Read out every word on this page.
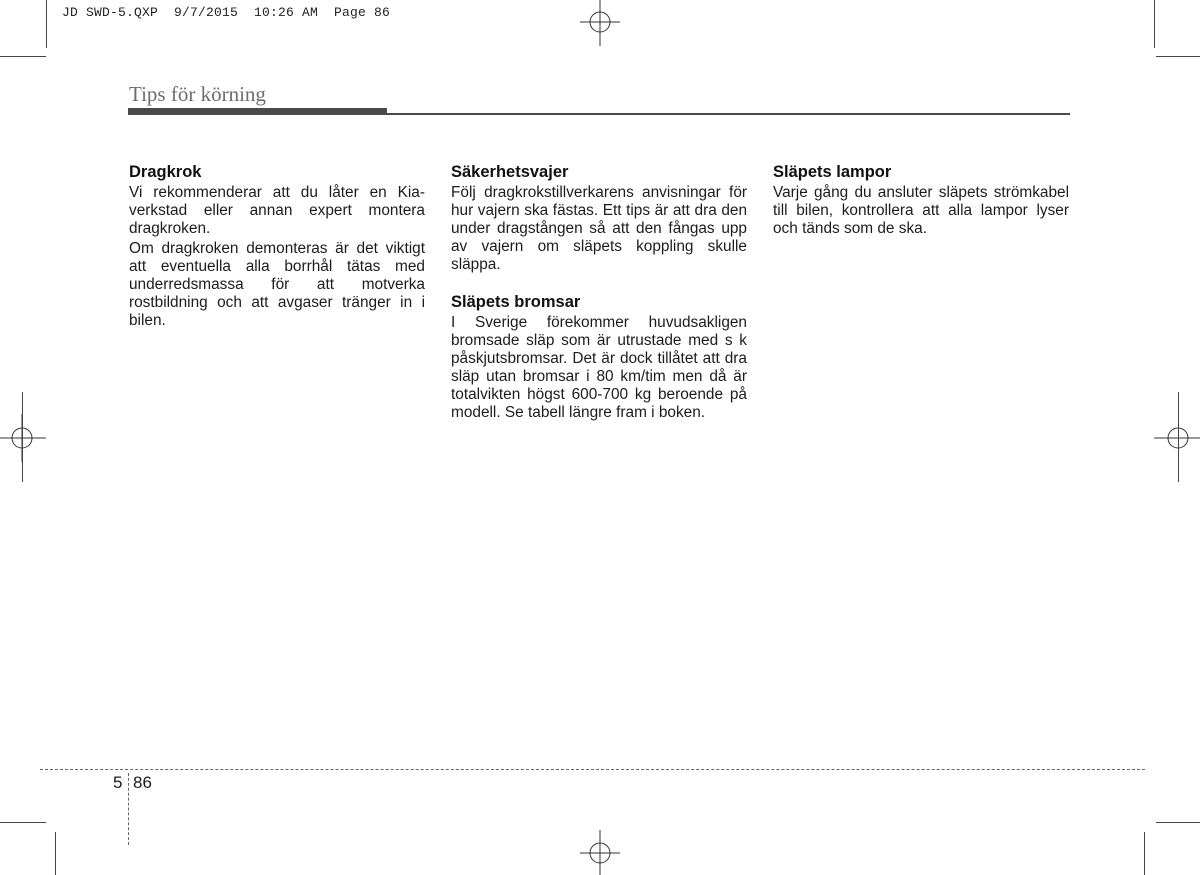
JD SWD-5.QXP  9/7/2015  10:26 AM  Page 86
Tips för körning
Dragkrok

Vi rekommenderar att du låter en Kia-verkstad eller annan expert montera dragkroken.

Om dragkroken demonteras är det viktigt att eventuella alla borrhål tätas med underredsmassa för att motverka rostbildning och att avgaser tränger in i bilen.

Säkerhetsvajer

Följ dragkrokstillverkarens anvisningar för hur vajern ska fästas. Ett tips är att dra den under dragstången så att den fångas upp av vajern om släpets koppling skulle släppa.

Släpets bromsar

I Sverige förekommer huvudsakligen bromsade släp som är utrustade med s k påskjutsbromsar. Det är dock tillåtet att dra släp utan bromsar i 80 km/tim men då är totalvikten högst 600-700 kg beroende på modell. Se tabell längre fram i boken.

Släpets lampor

Varje gång du ansluter släpets strömkabel till bilen, kontrollera att alla lampor lyser och tänds som de ska.

5 86
